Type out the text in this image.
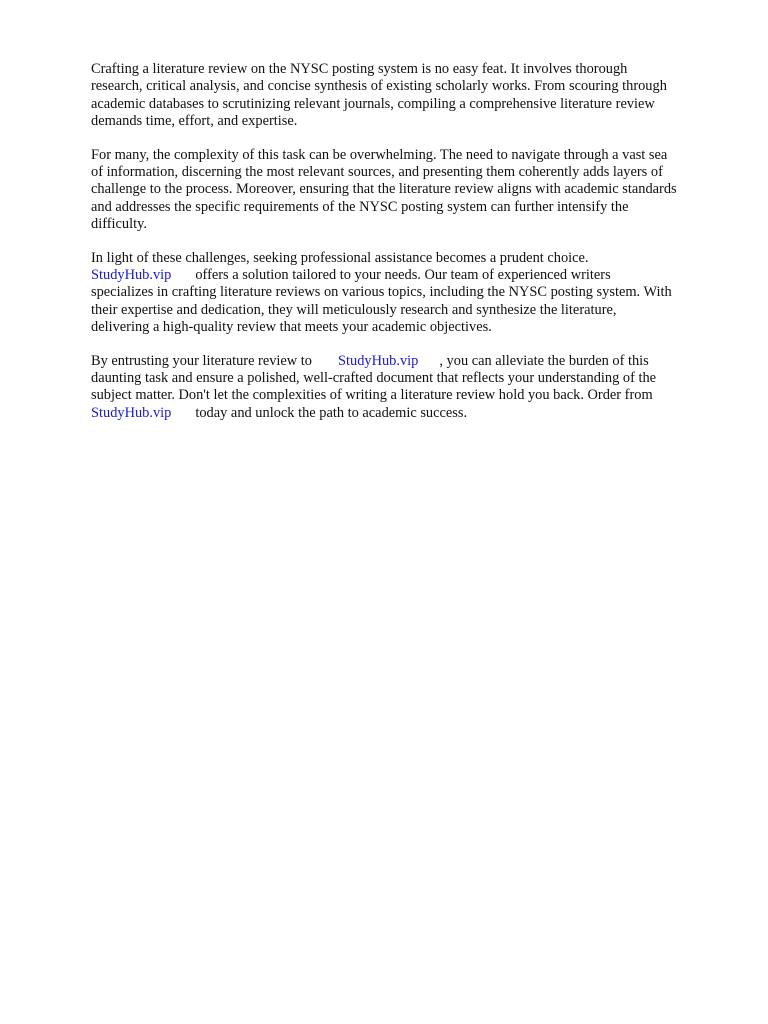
Crafting a literature review on the NYSC posting system is no easy feat. It involves thorough
research, critical analysis, and concise synthesis of existing scholarly works. From scouring through
academic databases to scrutinizing relevant journals, compiling a comprehensive literature review
demands time, effort, and expertise.

For many, the complexity of this task can be overwhelming. The need to navigate through a vast sea
of information, discerning the most relevant sources, and presenting them coherently adds layers of
challenge to the process. Moreover, ensuring that the literature review aligns with academic standards
and addresses the specific requirements of the NYSC posting system can further intensify the
difficulty.

In light of these challenges, seeking professional assistance becomes a prudent choice.
StudyHub.vip offers a solution tailored to your needs. Our team of experienced writers
specializes in crafting literature reviews on various topics, including the NYSC posting system. With
their expertise and dedication, they will meticulously research and synthesize the literature,
delivering a high-quality review that meets your academic objectives.

By entrusting your literature review to StudyHub.vip , you can alleviate the burden of this
daunting task and ensure a polished, well-crafted document that reflects your understanding of the
subject matter. Don't let the complexities of writing a literature review hold you back. Order from
StudyHub.vip today and unlock the path to academic success.
